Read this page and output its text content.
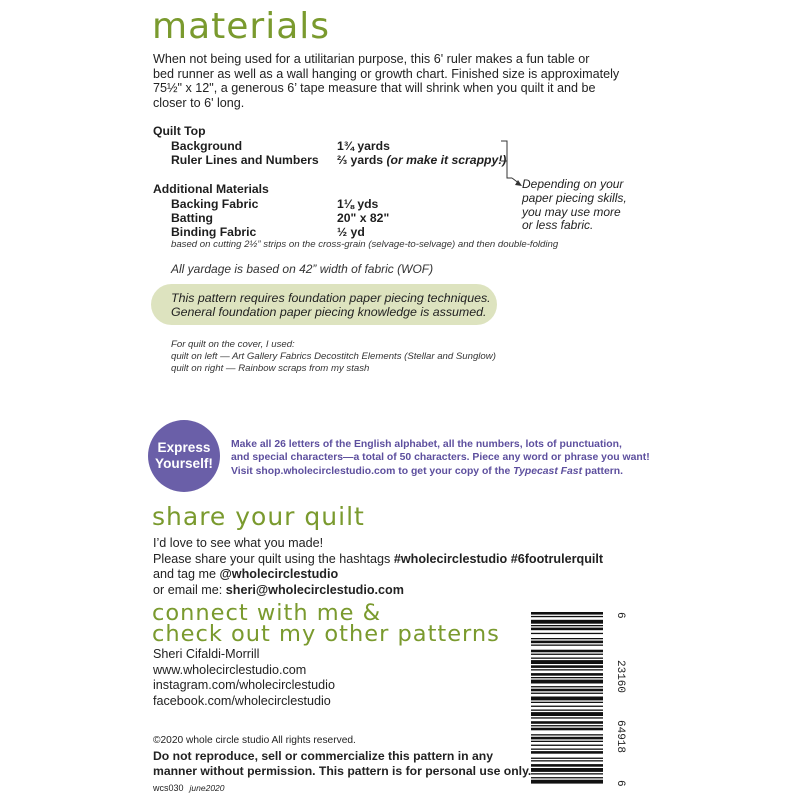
materials
When not being used for a utilitarian purpose, this 6' ruler makes a fun table or
bed runner as well as a wall hanging or growth chart. Finished size is approximately
75½" x 12", a generous 6’ tape measure that will shrink when you quilt it and be
closer to 6' long.
Quilt Top
Background	1¾ yards
Ruler Lines and Numbers ⅔ yards (or make it scrappy!)
Additional Materials
Backing Fabric	1⅛ yds
Batting	20" x 82"
Binding Fabric	½ yd
Depending on your
paper piecing skills,
you may use more
or less fabric.
based on cutting 2½” strips on the cross-grain (selvage-to-selvage) and then double-folding
All yardage is based on 42” width of fabric (WOF)
This pattern requires foundation paper piecing techniques.
General foundation paper piecing knowledge is assumed.
For quilt on the cover, I used:
quilt on left — Art Gallery Fabrics Decostitch Elements (Stellar and Sunglow)
quilt on right — Rainbow scraps from my stash
Express
Yourself!
Make all 26 letters of the English alphabet, all the numbers, lots of punctuation,
and special characters—a total of 50 characters. Piece any word or phrase you want!
Visit shop.wholecirclestudio.com to get your copy of the Typecast Fast pattern.
share your quilt
I’d love to see what you made!
Please share your quilt using the hashtags #wholecirclestudio #6footrulerquilt
and tag me @wholecirclestudio
or email me: sheri@wholecirclestudio.com
connect with me &
check out my other patterns
Sheri Cifaldi-Morrill
www.wholecirclestudio.com
instagram.com/wholecirclestudio
facebook.com/wholecirclestudio
©2020 whole circle studio All rights reserved.
Do not reproduce, sell or commercialize this pattern in any
manner without permission. This pattern is for personal use only.
wcs030 june2020
6
23160
64918
6
